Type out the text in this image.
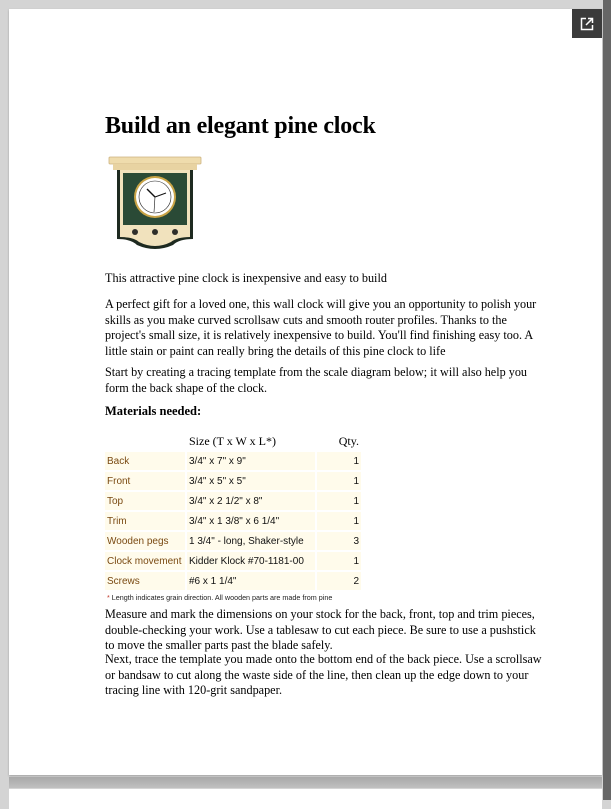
Build an elegant pine clock

This attractive pine clock is inexpensive and easy to build

A perfect gift for a loved one, this wall clock will give you an opportunity to polish your skills as you make curved scrollsaw cuts and smooth router profiles. Thanks to the project's small size, it is relatively inexpensive to build. You'll find finishing easy too. A little stain or paint can really bring the details of this pine clock to life

Start by creating a tracing template from the scale diagram below; it will also help you form the back shape of the clock.

Materials needed:

	Size (T x W x L*)	Qty.
Back	3/4" x 7" x 9"	1
Front	3/4" x 5" x 5"	1
Top	3/4" x 2 1/2" x 8"	1
Trim	3/4" x 1 3/8" x 6 1/4"	1
Wooden pegs	1 3/4" - long, Shaker-style	3
Clock movement	Kidder Klock #70-1181-00	1
Screws	#6 x 1 1/4"	2
* Length indicates grain direction. All wooden parts are made from pine		

Measure and mark the dimensions on your stock for the back, front, top and trim pieces, double-checking your work. Use a tablesaw to cut each piece. Be sure to use a pushstick to move the smaller parts past the blade safely.

Next, trace the template you made onto the bottom end of the back piece. Use a scrollsaw or bandsaw to cut along the waste side of the line, then clean up the edge down to your tracing line with 120-grit sandpaper.
